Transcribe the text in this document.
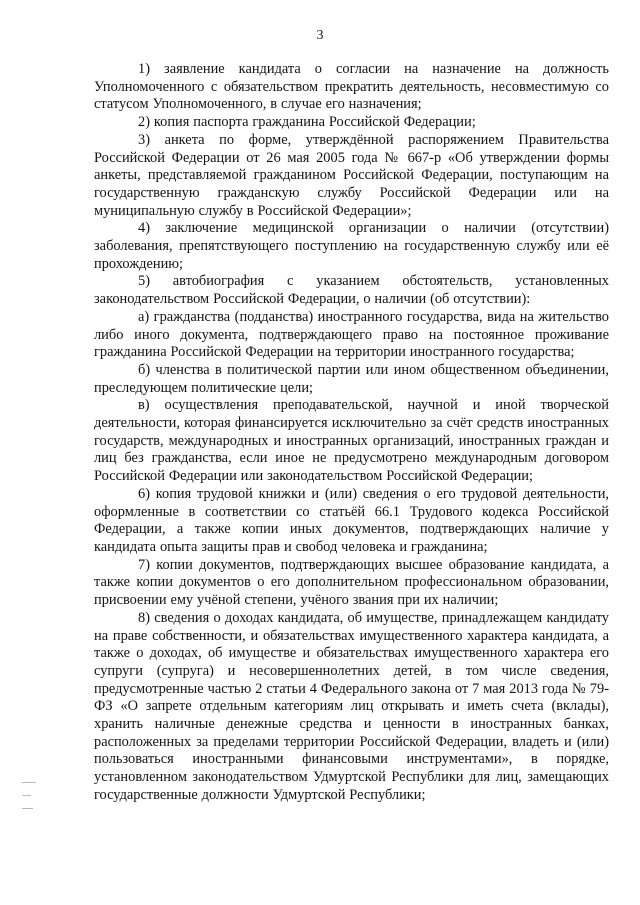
3

1) заявление кандидата о согласии на назначение на должность Уполномоченного с обязательством прекратить деятельность, несовместимую со статусом Уполномоченного, в случае его назначения;

2) копия паспорта гражданина Российской Федерации;

3) анкета по форме, утверждённой распоряжением Правительства Российской Федерации от 26 мая 2005 года № 667-р «Об утверждении формы анкеты, представляемой гражданином Российской Федерации, поступающим на государственную гражданскую службу Российской Федерации или на муниципальную службу в Российской Федерации»;

4) заключение медицинской организации о наличии (отсутствии) заболевания, препятствующего поступлению на государственную службу или её прохождению;

5) автобиография с указанием обстоятельств, установленных законодательством Российской Федерации, о наличии (об отсутствии):

а) гражданства (подданства) иностранного государства, вида на жительство либо иного документа, подтверждающего право на постоянное проживание гражданина Российской Федерации на территории иностранного государства;

б) членства в политической партии или ином общественном объединении, преследующем политические цели;

в) осуществления преподавательской, научной и иной творческой деятельности, которая финансируется исключительно за счёт средств иностранных государств, международных и иностранных организаций, иностранных граждан и лиц без гражданства, если иное не предусмотрено международным договором Российской Федерации или законодательством Российской Федерации;

6) копия трудовой книжки и (или) сведения о его трудовой деятельности, оформленные в соответствии со статьёй 66.1 Трудового кодекса Российской Федерации, а также копии иных документов, подтверждающих наличие у кандидата опыта защиты прав и свобод человека и гражданина;

7) копии документов, подтверждающих высшее образование кандидата, а также копии документов о его дополнительном профессиональном образовании, присвоении ему учёной степени, учёного звания при их наличии;

8) сведения о доходах кандидата, об имуществе, принадлежащем кандидату на праве собственности, и обязательствах имущественного характера кандидата, а также о доходах, об имуществе и обязательствах имущественного характера его супруги (супруга) и несовершеннолетних детей, в том числе сведения, предусмотренные частью 2 статьи 4 Федерального закона от 7 мая 2013 года № 79-ФЗ «О запрете отдельным категориям лиц открывать и иметь счета (вклады), хранить наличные денежные средства и ценности в иностранных банках, расположенных за пределами территории Российской Федерации, владеть и (или) пользоваться иностранными финансовыми инструментами», в порядке, установленном законодательством Удмуртской Республики для лиц, замещающих государственные должности Удмуртской Республики;
